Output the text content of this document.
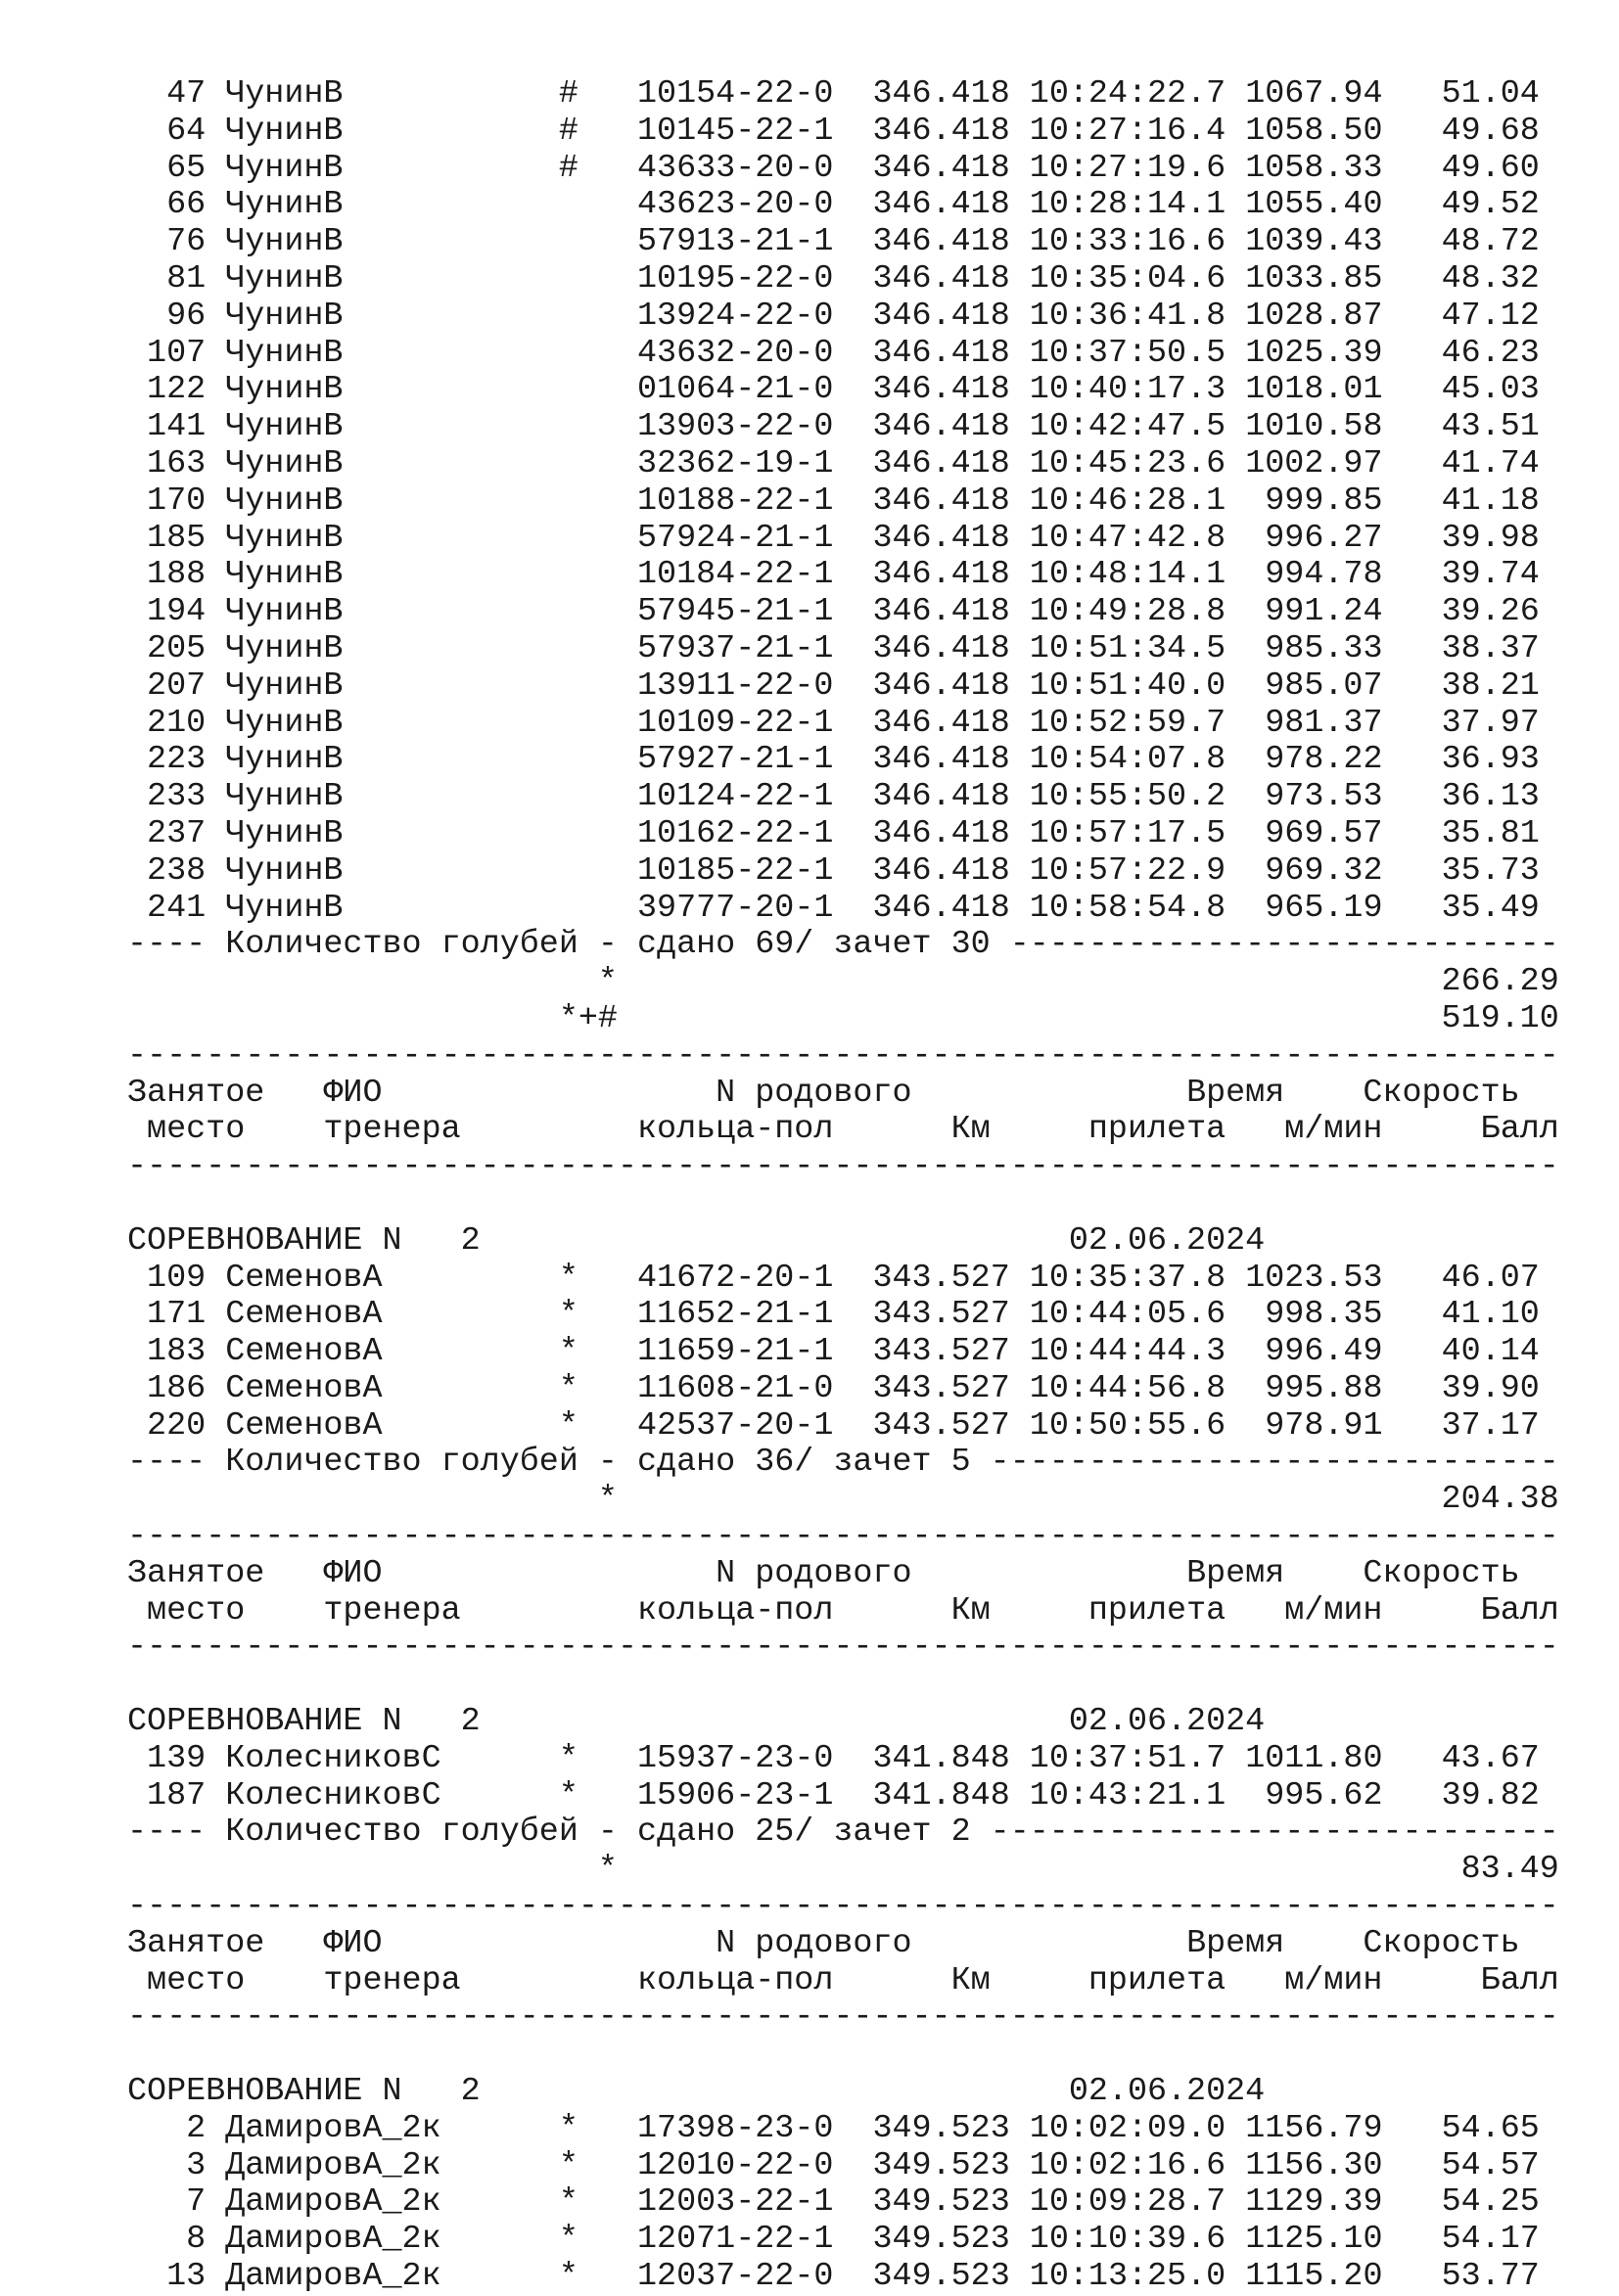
47 ЧунинВ           # 10154-22-0 346.418 10:24:22.7 1067.94   51.04
64 ЧунинВ           # 10145-22-1 346.418 10:27:16.4 1058.50   49.68
65 ЧунинВ           # 43633-20-0 346.418 10:27:19.6 1058.33   49.60
66 ЧунинВ               43623-20-0 346.418 10:28:14.1 1055.40   49.52
76 ЧунинВ               57913-21-1 346.418 10:33:16.6 1039.43   48.72
81 ЧунинВ               10195-22-0 346.418 10:35:04.6 1033.85   48.32
96 ЧунинВ               13924-22-0 346.418 10:36:41.8 1028.87   47.12
107 ЧунинВ               43632-20-0 346.418 10:37:50.5 1025.39   46.23
122 ЧунинВ               01064-21-0 346.418 10:40:17.3 1018.01   45.03
141 ЧунинВ               13903-22-0 346.418 10:42:47.5 1010.58   43.51
163 ЧунинВ               32362-19-1 346.418 10:45:23.6 1002.97   41.74
170 ЧунинВ               10188-22-1 346.418 10:46:28.1  999.85   41.18
185 ЧунинВ               57924-21-1 346.418 10:47:42.8  996.27   39.98
188 ЧунинВ               10184-22-1 346.418 10:48:14.1  994.78   39.74
194 ЧунинВ               57945-21-1 346.418 10:49:28.8  991.24   39.26
205 ЧунинВ               57937-21-1 346.418 10:51:34.5  985.33   38.37
207 ЧунинВ               13911-22-0 346.418 10:51:40.0  985.07   38.21
210 ЧунинВ               10109-22-1 346.418 10:52:59.7  981.37   37.97
223 ЧунинВ               57927-21-1 346.418 10:54:07.8  978.22   36.93
233 ЧунинВ               10124-22-1 346.418 10:55:50.2  973.53   36.13
237 ЧунинВ               10162-22-1 346.418 10:57:17.5  969.57   35.81
238 ЧунинВ               10185-22-1 346.418 10:57:22.9  969.32   35.73
241 ЧунинВ               39777-20-1 346.418 10:58:54.8  965.19   35.49
---- Количество голубей - сдано 69/ зачет 30 ----------------------------
*                                          266.29
*+#                                          519.10
-------------------------------------------------------------------------
Занятое   ФИО                 N родового              Время    Скорость
место    тренера         кольца-пол      Км     прилета   м/мин     Балл
-------------------------------------------------------------------------

СОРЕВНОВАНИЕ N   2                              02.06.2024
109 СеменовА         * 41672-20-1 343.527 10:35:37.8 1023.53   46.07
171 СеменовА         * 11652-21-1 343.527 10:44:05.6  998.35   41.10
183 СеменовА         * 11659-21-1 343.527 10:44:44.3  996.49   40.14
186 СеменовА         * 11608-21-0 343.527 10:44:56.8  995.88   39.90
220 СеменовА         * 42537-20-1 343.527 10:50:55.6  978.91   37.17
---- Количество голубей - сдано 36/ зачет 5 -----------------------------
*                                          204.38
-------------------------------------------------------------------------
Занятое   ФИО                 N родового              Время    Скорость
место    тренера         кольца-пол      Км     прилета   м/мин     Балл
-------------------------------------------------------------------------

СОРЕВНОВАНИЕ N   2                              02.06.2024
139 КолесниковС      * 15937-23-0 341.848 10:37:51.7 1011.80   43.67
187 КолесниковС      * 15906-23-1 341.848 10:43:21.1  995.62   39.82
---- Количество голубей - сдано 25/ зачет 2 -----------------------------
*                                           83.49
-------------------------------------------------------------------------
Занятое   ФИО                 N родового              Время    Скорость
место    тренера         кольца-пол      Км     прилета   м/мин     Балл
-------------------------------------------------------------------------

СОРЕВНОВАНИЕ N   2                              02.06.2024
2 ДамировА_2к      * 17398-23-0 349.523 10:02:09.0 1156.79   54.65
3 ДамировА_2к      * 12010-22-0 349.523 10:02:16.6 1156.30   54.57
7 ДамировА_2к      * 12003-22-1 349.523 10:09:28.7 1129.39   54.25
8 ДамировА_2к      * 12071-22-1 349.523 10:10:39.6 1125.10   54.17
13 ДамировА_2к      * 12037-22-0 349.523 10:13:25.0 1115.20   53.77
